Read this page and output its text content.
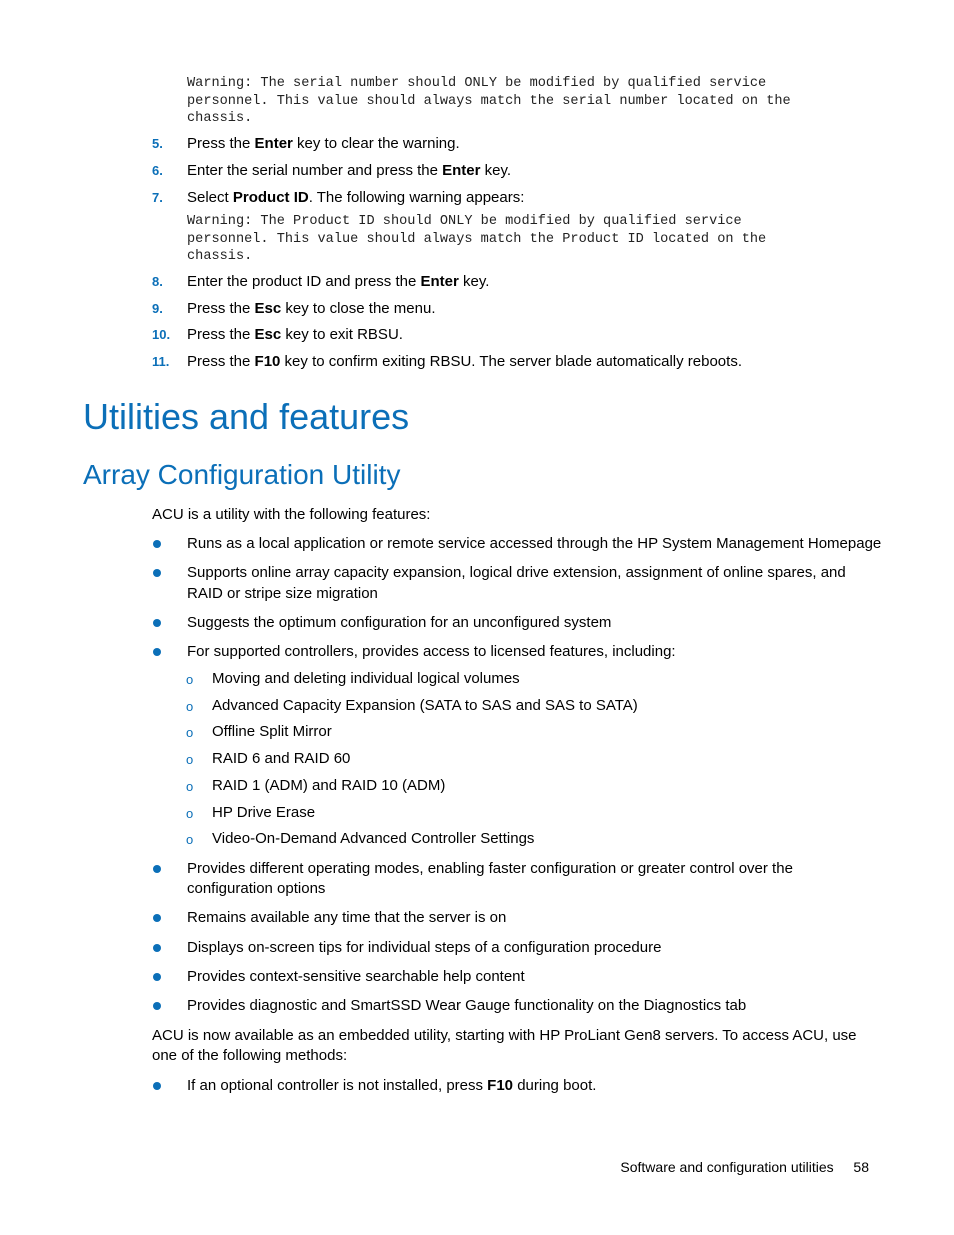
Warning: The serial number should ONLY be modified by qualified service
personnel. This value should always match the serial number located on the
chassis.
5. Press the Enter key to clear the warning.
6. Enter the serial number and press the Enter key.
7. Select Product ID. The following warning appears:
Warning: The Product ID should ONLY be modified by qualified service
personnel. This value should always match the Product ID located on the
chassis.
8. Enter the product ID and press the Enter key.
9. Press the Esc key to close the menu.
10. Press the Esc key to exit RBSU.
11. Press the F10 key to confirm exiting RBSU. The server blade automatically reboots.
Utilities and features
Array Configuration Utility
ACU is a utility with the following features:
Runs as a local application or remote service accessed through the HP System Management Homepage
Supports online array capacity expansion, logical drive extension, assignment of online spares, and
RAID or stripe size migration
Suggests the optimum configuration for an unconfigured system
For supported controllers, provides access to licensed features, including:
o Moving and deleting individual logical volumes
o Advanced Capacity Expansion (SATA to SAS and SAS to SATA)
o Offline Split Mirror
o RAID 6 and RAID 60
o RAID 1 (ADM) and RAID 10 (ADM)
o HP Drive Erase
o Video-On-Demand Advanced Controller Settings
Provides different operating modes, enabling faster configuration or greater control over the
configuration options
Remains available any time that the server is on
Displays on-screen tips for individual steps of a configuration procedure
Provides context-sensitive searchable help content
Provides diagnostic and SmartSSD Wear Gauge functionality on the Diagnostics tab
ACU is now available as an embedded utility, starting with HP ProLiant Gen8 servers. To access ACU, use
one of the following methods:
If an optional controller is not installed, press F10 during boot.
Software and configuration utilities 58
